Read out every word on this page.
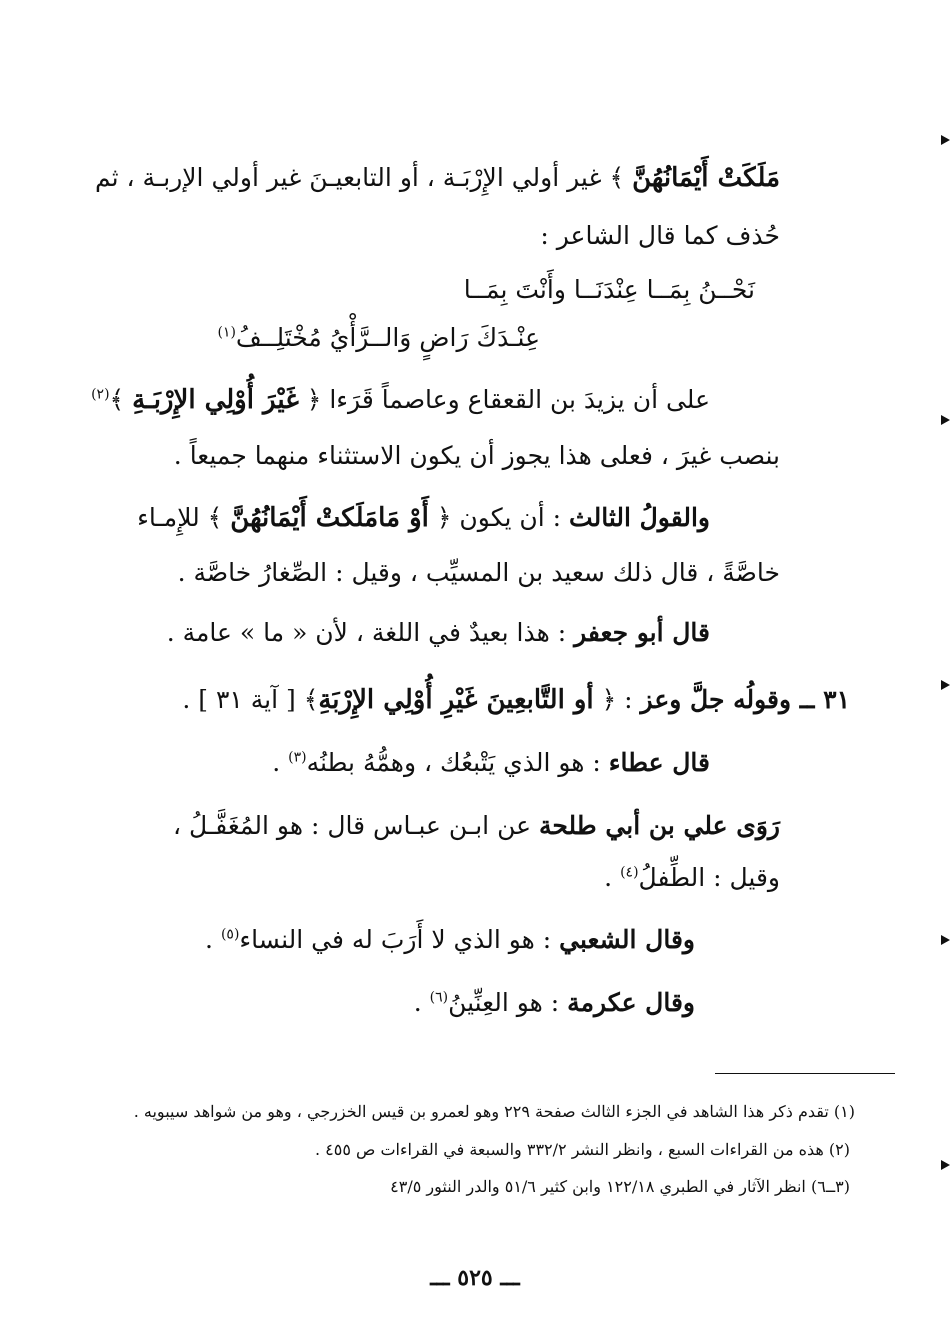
مَلَكَتْ أَيْمَانُهُنَّ ﴾ غير أولي الإِرْبَـة ، أو التابعيـنَ غير أولي الإربـة ، ثم
حُذف كما قال الشاعر :
نَحْــنُ بِمَــا عِنْدَنَــا وأَنْتَ بِمَــا
عِنْـدَكَ رَاضٍ وَالــرَّأْيُ مُخْتَلِــفُ$^{(١)}$
على أن يزيدَ بن القعقاع وعاصماً قَرَءا ﴿ غَيْرَ أُوْلِي الإِرْبَـةِ ﴾$^{(٢)}$
بنصب غيرَ ، فعلى هذا يجوز أن يكون الاستثناء منهما جميعاً .
والقولُ الثالث : أن يكون ﴿ أَوْ مَامَلَكتْ أَيْمَانُهُنَّ ﴾ للإِمـاء
خاصَّةً ، قال ذلك سعيد بن المسيِّب ، وقيل : الصِّغارُ خاصَّة .
قال أبو جعفر : هذا بعيدٌ في اللغة ، لأن « ما » عامة .
٣١ ــ وقولُه جلَّ وعز : ﴿ أو التَّابعِينَ غَيْرِ أُوْلِي الإِرْبَةِ﴾ [ آية ٣١ ] .
قال عطاء : هو الذي يَتْبعُك ، وهمُّهُ بطنُه$^{(٣)}$ .
رَوَى علي بن أبي طلحة عن ابـن عبـاس قال : هو المُغَفَّـلُ ،
وقيل : الطِّفلُ$^{(٤)}$ .
وقال الشعبي : هو الذي لا أَرَبَ له في النساء$^{(٥)}$ .
وقال عكرمة : هو العِنِّينُ$^{(٦)}$ .
(١) تقدم ذكر هذا الشاهد في الجزء الثالث صفحة ٢٢٩ وهو لعمرو بن قيس الخزرجي ، وهو من شواهد سيبويه .
(٢) هذه من القراءات السبع ، وانظر النشر ٣٣٢/٢ والسبعة في القراءات ص ٤٥٥ .
(٣ــ٦) انظر الآثار في الطبري ١٢٢/١٨ وابن كثير ٥١/٦ والدر النثور ٤٣/٥
ـــ ٥٢٥ ـــ
